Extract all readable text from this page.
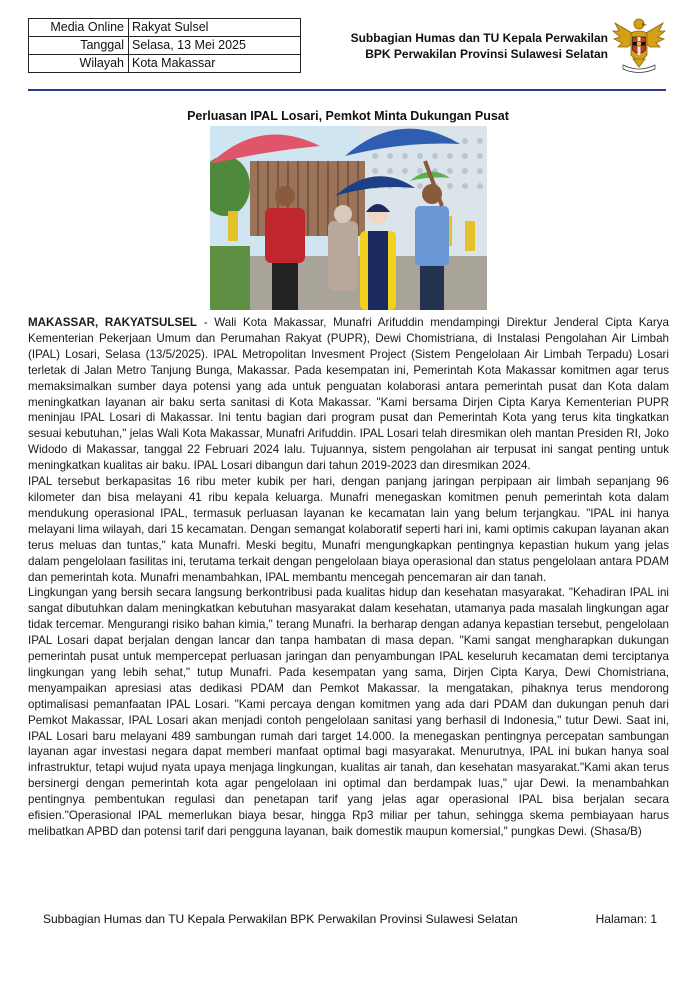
Media Online	Rakyat Sulsel
Tanggal	Selasa, 13 Mei 2025
Wilayah	Kota Makassar
Subbagian Humas dan TU Kepala Perwakilan
BPK Perwakilan Provinsi Sulawesi Selatan
Perluasan IPAL Losari, Pemkot Minta Dukungan Pusat

MAKASSAR, RAKYATSULSEL - Wali Kota Makassar, Munafri Arifuddin mendampingi Direktur Jenderal Cipta Karya Kementerian Pekerjaan Umum dan Perumahan Rakyat (PUPR), Dewi Chomistriana, di Instalasi Pengolahan Air Limbah (IPAL) Losari, Selasa (13/5/2025). IPAL Metropolitan Invesment Project (Sistem Pengelolaan Air Limbah Terpadu) Losari terletak di Jalan Metro Tanjung Bunga, Makassar. Pada kesempatan ini, Pemerintah Kota Makassar komitmen agar terus memaksimalkan sumber daya potensi yang ada untuk penguatan kolaborasi antara pemerintah pusat dan Kota dalam meningkatkan layanan air baku serta sanitasi di Kota Makassar. "Kami bersama Dirjen Cipta Karya Kementerian PUPR meninjau IPAL Losari di Makassar. Ini tentu bagian dari program pusat dan Pemerintah Kota yang terus kita tingkatkan sesuai kebutuhan," jelas Wali Kota Makassar, Munafri Arifuddin. IPAL Losari telah diresmikan oleh mantan Presiden RI, Joko Widodo di Makassar, tanggal 22 Februari 2024 lalu. Tujuannya, sistem pengolahan air terpusat ini sangat penting untuk meningkatkan kualitas air baku. IPAL Losari dibangun dari tahun 2019-2023 dan diresmikan 2024.

IPAL tersebut berkapasitas 16 ribu meter kubik per hari, dengan panjang jaringan perpipaan air limbah sepanjang 96 kilometer dan bisa melayani 41 ribu kepala keluarga. Munafri menegaskan komitmen penuh pemerintah kota dalam mendukung operasional IPAL, termasuk perluasan layanan ke kecamatan lain yang belum terjangkau. "IPAL ini hanya melayani lima wilayah, dari 15 kecamatan. Dengan semangat kolaboratif seperti hari ini, kami optimis cakupan layanan akan terus meluas dan tuntas," kata Munafri. Meski begitu, Munafri mengungkapkan pentingnya kepastian hukum yang jelas dalam pengelolaan fasilitas ini, terutama terkait dengan pengelolaan biaya operasional dan status pengelolaan antara PDAM dan pemerintah kota. Munafri menambahkan, IPAL membantu mencegah pencemaran air dan tanah.

Lingkungan yang bersih secara langsung berkontribusi pada kualitas hidup dan kesehatan masyarakat. "Kehadiran IPAL ini sangat dibutuhkan dalam meningkatkan kebutuhan masyarakat dalam kesehatan, utamanya pada masalah lingkungan agar tidak tercemar. Mengurangi risiko bahan kimia," terang Munafri. Ia berharap dengan adanya kepastian tersebut, pengelolaan IPAL Losari dapat berjalan dengan lancar dan tanpa hambatan di masa depan. "Kami sangat mengharapkan dukungan pemerintah pusat untuk mempercepat perluasan jaringan dan penyambungan IPAL keseluruh kecamatan demi terciptanya lingkungan yang lebih sehat," tutup Munafri. Pada kesempatan yang sama, Dirjen Cipta Karya, Dewi Chomistriana, menyampaikan apresiasi atas dedikasi PDAM dan Pemkot Makassar. Ia mengatakan, pihaknya terus mendorong optimalisasi pemanfaatan IPAL Losari. "Kami percaya dengan komitmen yang ada dari PDAM dan dukungan penuh dari Pemkot Makassar, IPAL Losari akan menjadi contoh pengelolaan sanitasi yang berhasil di Indonesia," tutur Dewi. Saat ini, IPAL Losari baru melayani 489 sambungan rumah dari target 14.000. Ia menegaskan pentingnya percepatan sambungan layanan agar investasi negara dapat memberi manfaat optimal bagi masyarakat. Menurutnya, IPAL ini bukan hanya soal infrastruktur, tetapi wujud nyata upaya menjaga lingkungan, kualitas air tanah, dan kesehatan masyarakat."Kami akan terus bersinergi dengan pemerintah kota agar pengelolaan ini optimal dan berdampak luas," ujar Dewi. Ia menambahkan pentingnya pembentukan regulasi dan penetapan tarif yang jelas agar operasional IPAL bisa berjalan secara efisien."Operasional IPAL memerlukan biaya besar, hingga Rp3 miliar per tahun, sehingga skema pembiayaan harus melibatkan APBD dan potensi tarif dari pengguna layanan, baik domestik maupun komersial," pungkas Dewi. (Shasa/B)

Subbagian Humas dan TU Kepala Perwakilan BPK Perwakilan Provinsi Sulawesi Selatan	Halaman: 1
